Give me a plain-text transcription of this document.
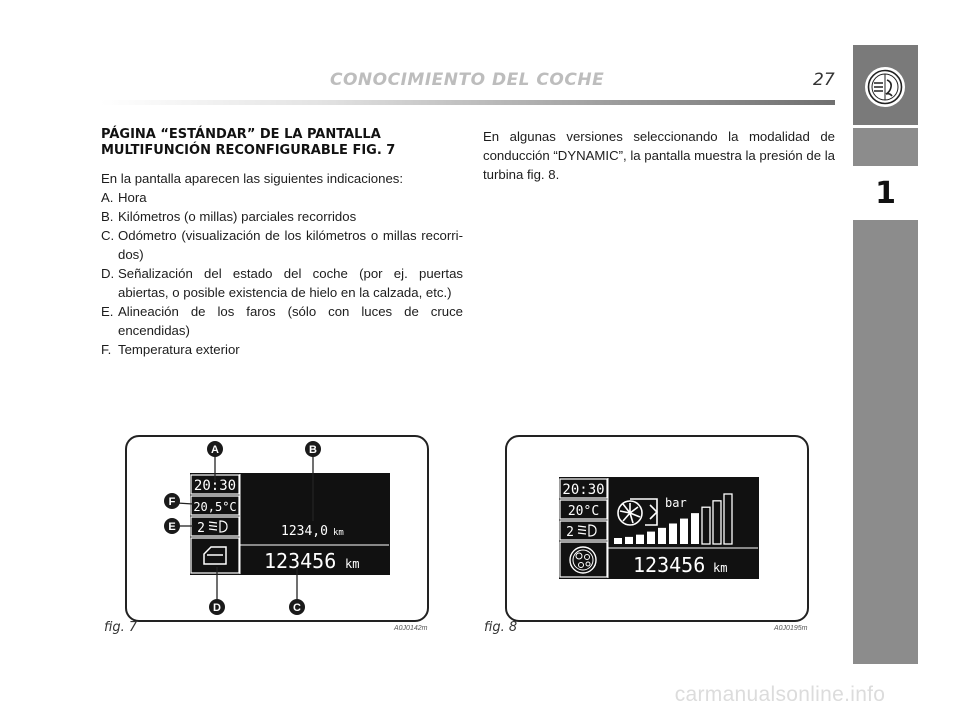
CONOCIMIENTO DEL COCHE	27
1
PÁGINA “ESTÁNDAR” DE LA PANTALLA MULTIFUNCIÓN RECONFIGURABLE FIG. 7
En la pantalla aparecen las siguientes indicaciones:
A. Hora
B. Kilómetros (o millas) parciales recorridos
C. Odómetro (visualización de los kilómetros o millas recorri-dos)
D. Señalización del estado del coche (por ej. puertas abiertas, o posible existencia de hielo en la calzada, etc.)
E. Alineación de los faros (sólo con luces de cruce encendidas)
F. Temperatura exterior
En algunas versiones seleccionando la modalidad de conducción “DYNAMIC”, la pantalla muestra la presión de la turbina fig. 8.
20:30
20,5°C
2	1234,0 km
123456 km
A	B
C
D
E
F
fig. 7	A0J0142m
20:30
20°C
2
bar
123456 km
fig. 8	A0J0195m
carmanualsonline.info
